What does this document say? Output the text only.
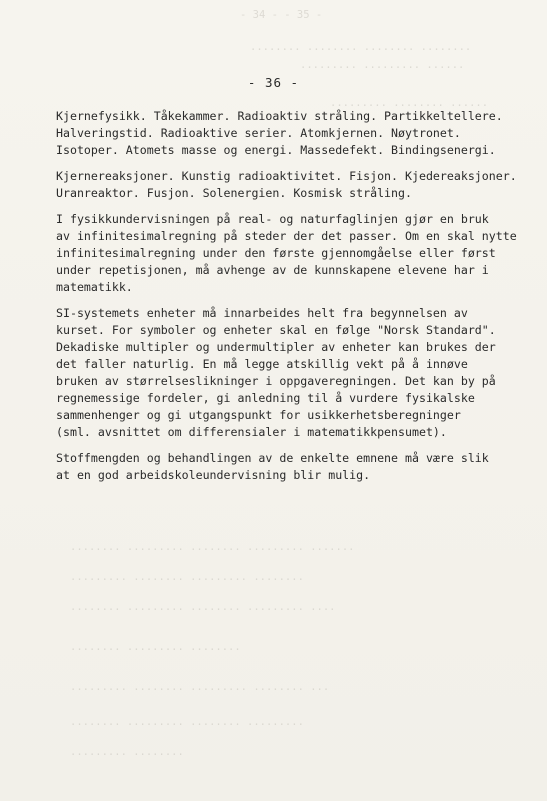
- 34 - - 35 -
........ ........ ........ ........
......... ......... ......
......... ........ ......
........ ......... ........ ......... .......
......... ........ ......... ........
........ ......... ........ ......... ....
........ ......... ........
......... ........ ......... ........ ...
........ ......... ........ .........
......... ........
- 36 -

Kjernefysikk. Tåkekammer. Radioaktiv stråling. Partikkeltellere.
Halveringstid. Radioaktive serier. Atomkjernen. Nøytronet.
Isotoper. Atomets masse og energi. Massedefekt. Bindingsenergi.

Kjernereaksjoner. Kunstig radioaktivitet. Fisjon. Kjedereaksjoner.
Uranreaktor. Fusjon. Solenergien. Kosmisk stråling.

I fysikkundervisningen på real- og naturfaglinjen gjør en bruk
av infinitesimalregning på steder der det passer. Om en skal nytte
infinitesimalregning under den første gjennomgåelse eller først
under repetisjonen, må avhenge av de kunnskapene elevene har i
matematikk.

SI-systemets enheter må innarbeides helt fra begynnelsen av
kurset. For symboler og enheter skal en følge "Norsk Standard".
Dekadiske multipler og undermultipler av enheter kan brukes der
det faller naturlig. En må legge atskillig vekt på å innøve
bruken av størrelseslikninger i oppgaveregningen. Det kan by på
regnemessige fordeler, gi anledning til å vurdere fysikalske
sammenhenger og gi utgangspunkt for usikkerhetsberegninger
(sml. avsnittet om differensialer i matematikkpensumet).

Stoffmengden og behandlingen av de enkelte emnene må være slik
at en god arbeidskoleundervisning blir mulig.
